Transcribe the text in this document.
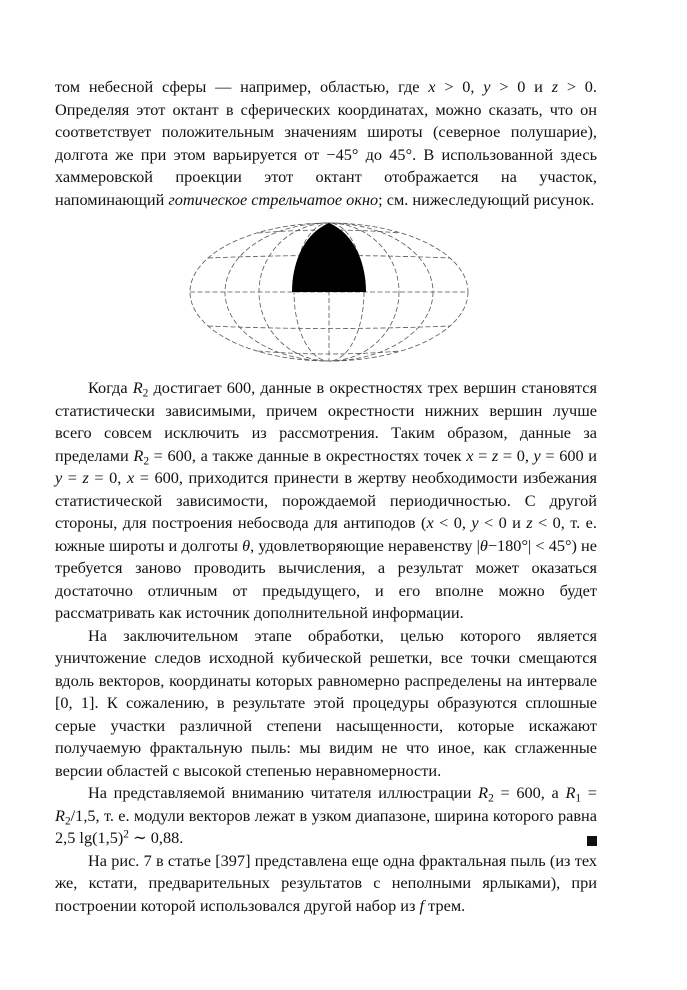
том небесной сферы — например, областью, где x > 0, y > 0 и z > 0. Определяя этот октант в сферических координатах, можно сказать, что он соответствует положительным значениям широты (северное полушарие), долгота же при этом варьируется от −45° до 45°. В использованной здесь хаммеровской проекции этот октант отображается на участок, напоминающий готическое стрельчатое окно; см. нижеследующий рисунок.

Когда $R_2$ достигает 600, данные в окрестностях трех вершин становятся статистически зависимыми, причем окрестности нижних вершин лучше всего совсем исключить из рассмотрения. Таким образом, данные за пределами $R_2 = 600$, а также данные в окрестностях точек x = z = 0, y = 600 и y = z = 0, x = 600, приходится принести в жертву необходимости избежания статистической зависимости, порождаемой периодичностью. С другой стороны, для построения небосвода для антиподов (x < 0, y < 0 и z < 0, т. е. южные широты и долготы θ, удовлетворяющие неравенству |θ−180°| < 45°) не требуется заново проводить вычисления, а результат может оказаться достаточно отличным от предыдущего, и его вполне можно будет рассматривать как источник дополнительной информации.

На заключительном этапе обработки, целью которого является уничтожение следов исходной кубической решетки, все точки смещаются вдоль векторов, координаты которых равномерно распределены на интервале [0, 1]. К сожалению, в результате этой процедуры образуются сплошные серые участки различной степени насыщенности, которые искажают получаемую фрактальную пыль: мы видим не что иное, как сглаженные версии областей с высокой степенью неравномерности.

На представляемой вниманию читателя иллюстрации $R_2 = 600$, а $R_1 = R_2/1,5$, т. е. модули векторов лежат в узком диапазоне, ширина которого равна 2,5 $\lg(1,5)^2$ ∼ 0,88.

На рис. 7 в статье [397] представлена еще одна фрактальная пыль (из тех же, кстати, предварительных результатов с неполными ярлыками), при построении которой использовался другой набор из f трем.
